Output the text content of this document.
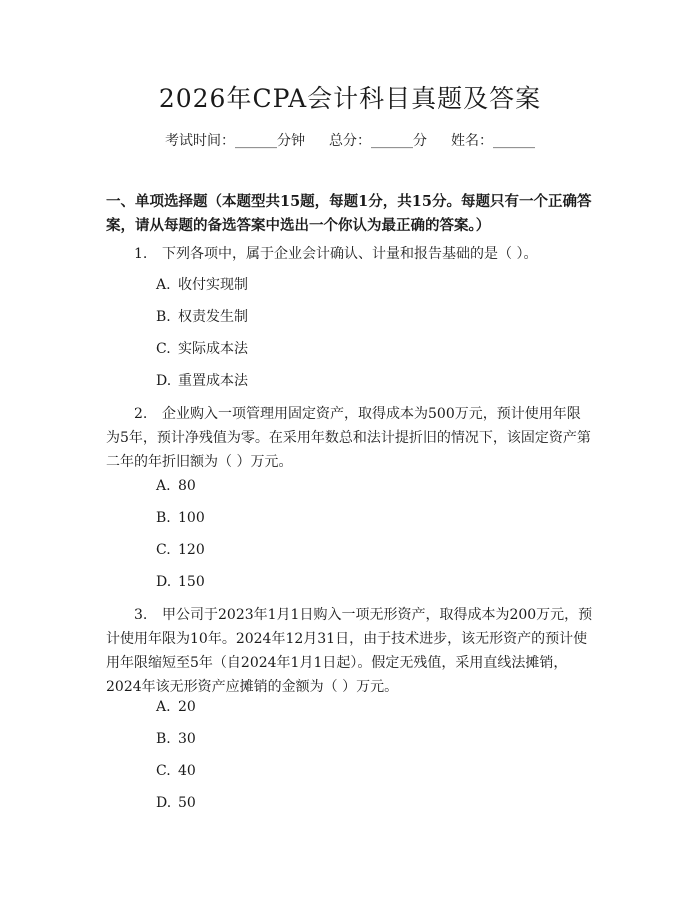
2026年CPA会计科目真题及答案
考试时间：______分钟 总分：______分 姓名：______

一、单项选择题（本题型共15题，每题1分，共15分。每题只有一个正确答案，请从每题的备选答案中选出一个你认为最正确的答案。）

1. 下列各项中，属于企业会计确认、计量和报告基础的是（ ）。

A. 收付实现制
B. 权责发生制
C. 实际成本法
D. 重置成本法

2. 企业购入一项管理用固定资产，取得成本为500万元，预计使用年限为5年，预计净残值为零。在采用年数总和法计提折旧的情况下，该固定资产第二年的年折旧额为（ ）万元。

A. 80
B. 100
C. 120
D. 150

3. 甲公司于2023年1月1日购入一项无形资产，取得成本为200万元，预计使用年限为10年。2024年12月31日，由于技术进步，该无形资产的预计使用年限缩短至5年（自2024年1月1日起）。假定无残值，采用直线法摊销，2024年该无形资产应摊销的金额为（ ）万元。

A. 20
B. 30
C. 40
D. 50
